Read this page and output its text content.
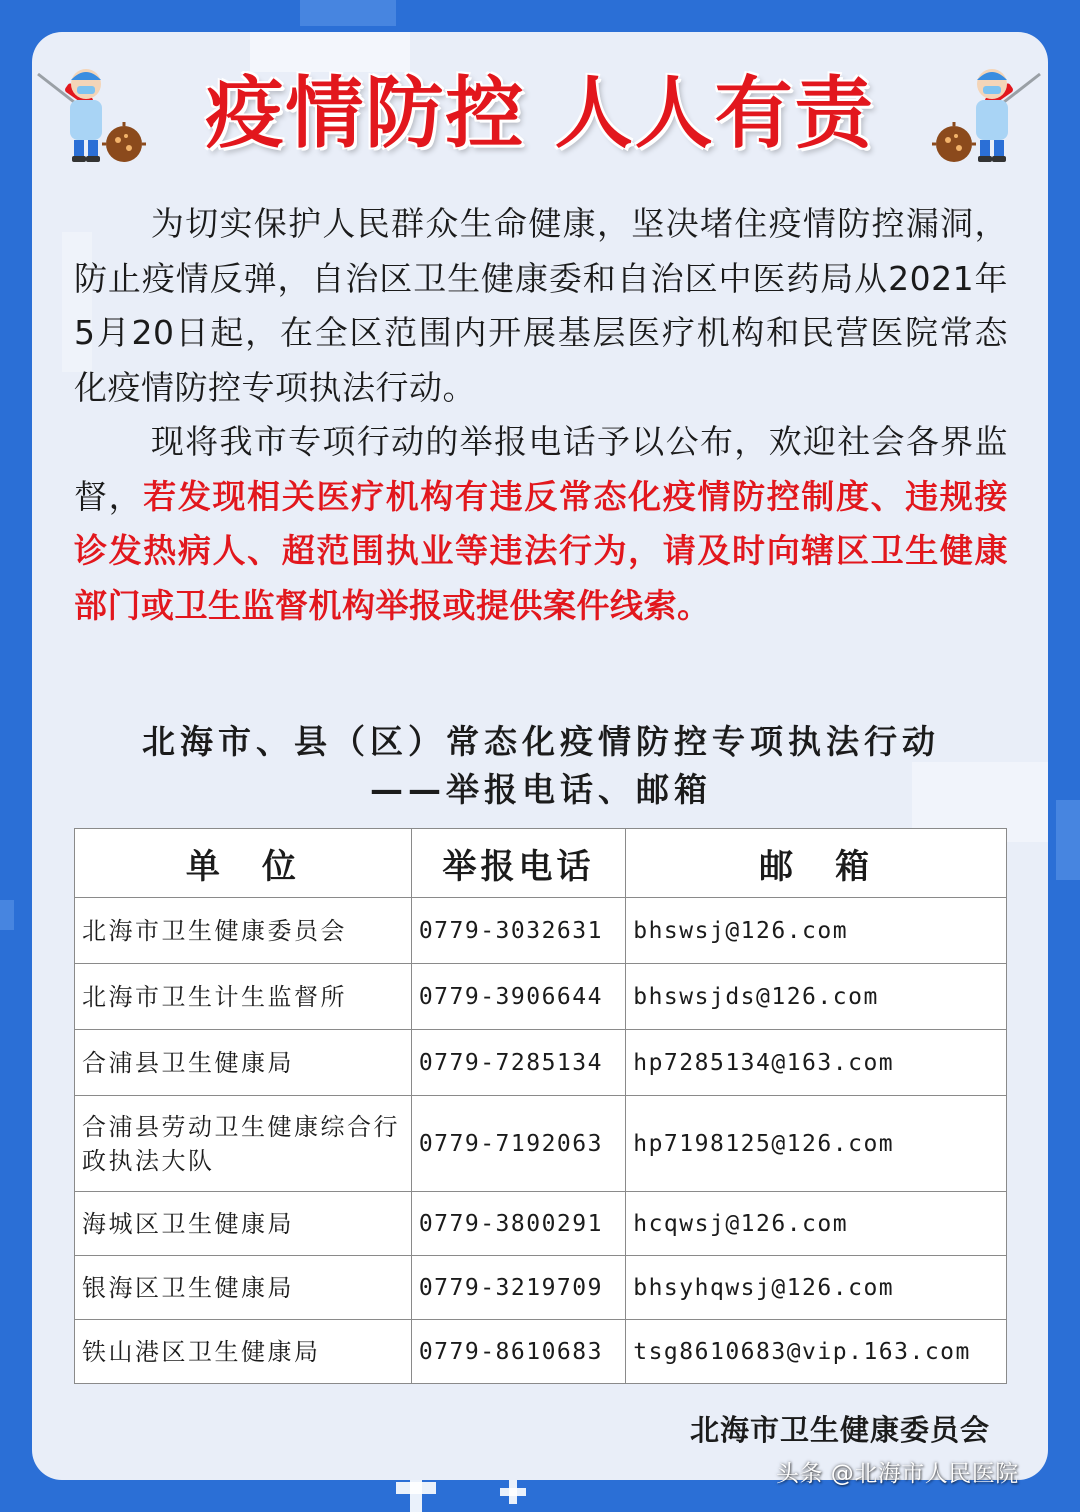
疫情防控 人人有责
为切实保护人民群众生命健康，坚决堵住疫情防控漏洞，防止疫情反弹，自治区卫生健康委和自治区中医药局从2021年5月20日起，在全区范围内开展基层医疗机构和民营医院常态化疫情防控专项执法行动。
现将我市专项行动的举报电话予以公布，欢迎社会各界监督，若发现相关医疗机构有违反常态化疫情防控制度、违规接诊发热病人、超范围执业等违法行为，请及时向辖区卫生健康部门或卫生监督机构举报或提供案件线索。
北海市、县（区）常态化疫情防控专项执法行动
——举报电话、邮箱
单　位	举报电话	邮　箱
北海市卫生健康委员会	0779-3032631	bhswsj@126.com
北海市卫生计生监督所	0779-3906644	bhswsjds@126.com
合浦县卫生健康局	0779-7285134	hp7285134@163.com
合浦县劳动卫生健康综合行政执法大队	0779-7192063	hp7198125@126.com
海城区卫生健康局	0779-3800291	hcqwsj@126.com
银海区卫生健康局	0779-3219709	bhsyhqwsj@126.com
铁山港区卫生健康局	0779-8610683	tsg8610683@vip.163.com
北海市卫生健康委员会
头条 @北海市人民医院
